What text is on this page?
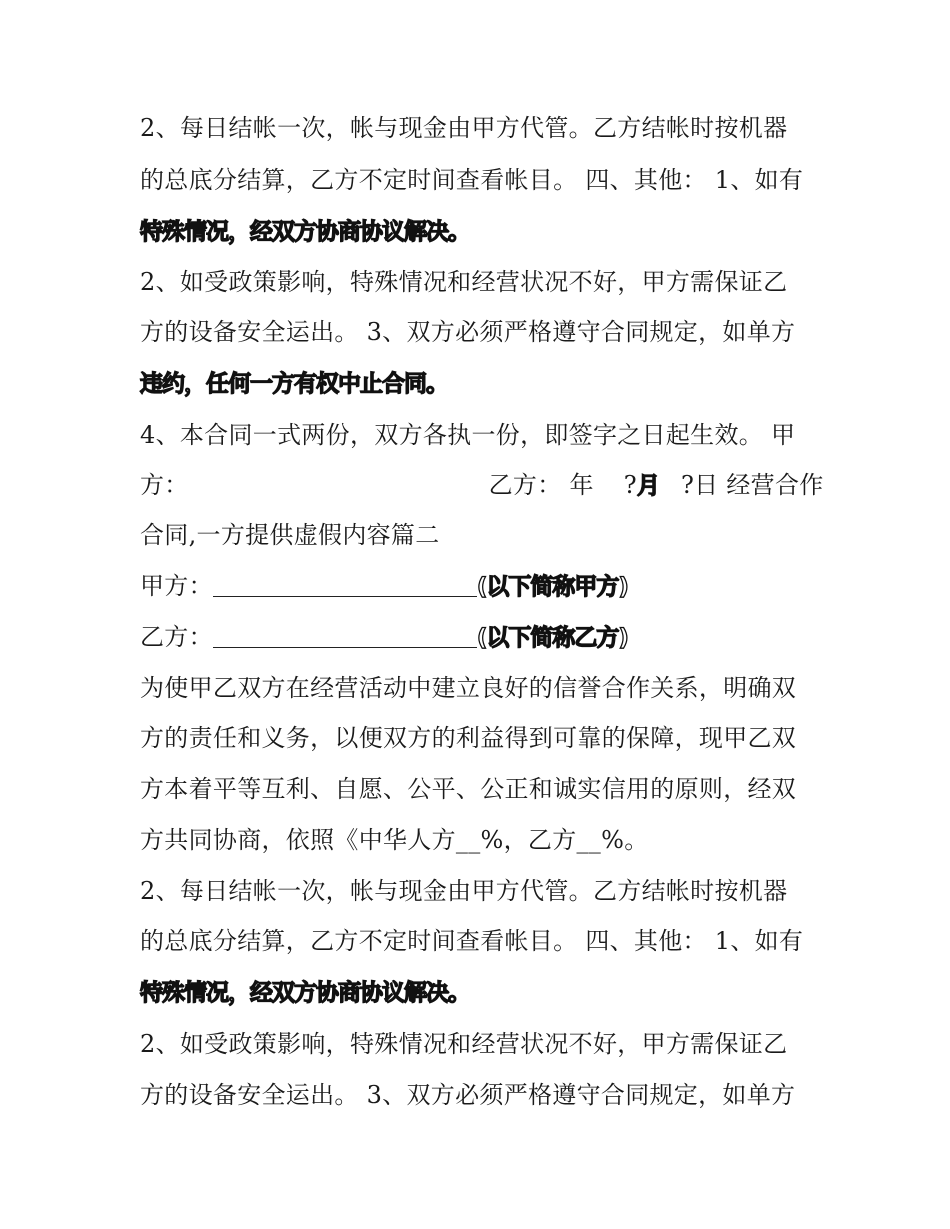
2、每日结帐一次，帐与现金由甲方代管。乙方结帐时按机器
的总底分结算，乙方不定时间查看帐目。 四、其他： 1、如有
特殊情况，经双方协商协议解决。
2、如受政策影响，特殊情况和经营状况不好，甲方需保证乙
方的设备安全运出。 3、双方必须严格遵守合同规定，如单方
违约，任何一方有权中止合同。
4、本合同一式两份，双方各执一份，即签字之日起生效。 甲
方：	乙方： 年 ?月 ?日 经营合作
合同,一方提供虚假内容篇二
甲方：	(以下简称甲方)
乙方：	(以下简称乙方)
为使甲乙双方在经营活动中建立良好的信誉合作关系，明确双
方的责任和义务，以便双方的利益得到可靠的保障，现甲乙双
方本着平等互利、自愿、公平、公正和诚实信用的原则，经双
方共同协商，依照《中华人方__%，乙方__%。
2、每日结帐一次，帐与现金由甲方代管。乙方结帐时按机器
的总底分结算，乙方不定时间查看帐目。 四、其他： 1、如有
特殊情况，经双方协商协议解决。
2、如受政策影响，特殊情况和经营状况不好，甲方需保证乙
方的设备安全运出。 3、双方必须严格遵守合同规定，如单方
